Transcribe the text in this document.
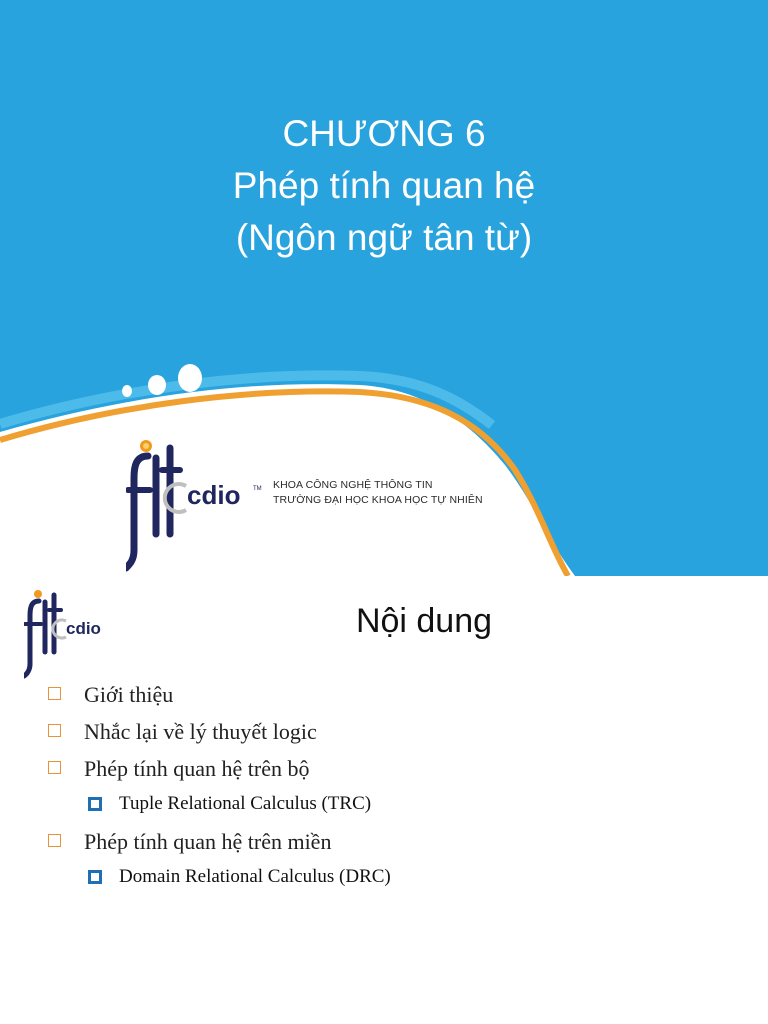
CHƯƠNG 6
Phép tính quan hệ
(Ngôn ngữ tân từ)
cdio TM KHOA CÔNG NGHỆ THÔNG TIN
TRƯỜNG ĐẠI HỌC KHOA HỌC TỰ NHIÊN
cdio	Nội dung
Giới thiệu
Nhắc lại về lý thuyết logic
Phép tính quan hệ trên bộ
Tuple Relational Calculus (TRC)
Phép tính quan hệ trên miền
Domain Relational Calculus (DRC)
